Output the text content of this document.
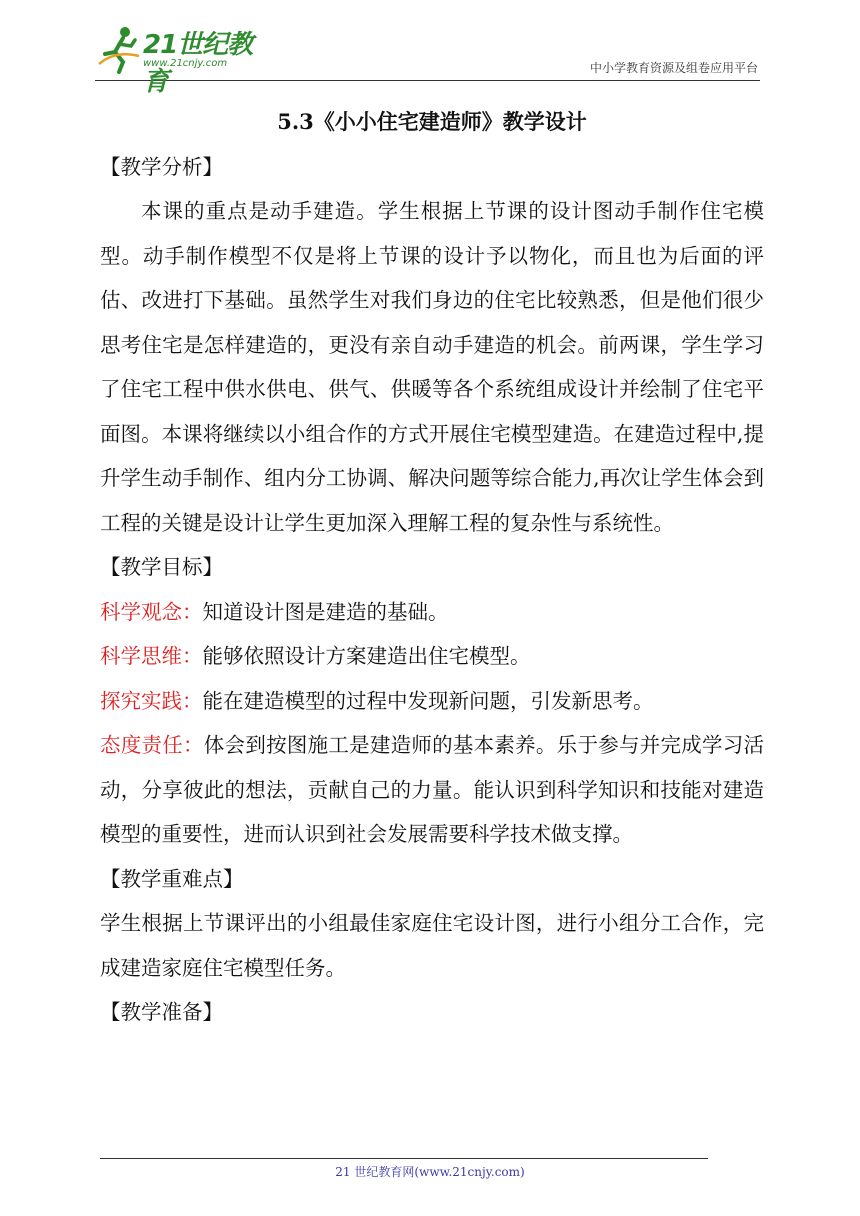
21世纪教育
www.21cnjy.com	中小学教育资源及组卷应用平台
5.3《小小住宅建造师》教学设计

【教学分析】

本课的重点是动手建造。学生根据上节课的设计图动手制作住宅模型。动手制作模型不仅是将上节课的设计予以物化，而且也为后面的评估、改进打下基础。虽然学生对我们身边的住宅比较熟悉，但是他们很少思考住宅是怎样建造的，更没有亲自动手建造的机会。前两课，学生学习了住宅工程中供水供电、供气、供暖等各个系统组成设计并绘制了住宅平面图。本课将继续以小组合作的方式开展住宅模型建造。在建造过程中,提升学生动手制作、组内分工协调、解决问题等综合能力,再次让学生体会到工程的关键是设计让学生更加深入理解工程的复杂性与系统性。

【教学目标】

科学观念：知道设计图是建造的基础。

科学思维：能够依照设计方案建造出住宅模型。

探究实践：能在建造模型的过程中发现新问题，引发新思考。

态度责任：体会到按图施工是建造师的基本素养。乐于参与并完成学习活动，分享彼此的想法，贡献自己的力量。能认识到科学知识和技能对建造模型的重要性，进而认识到社会发展需要科学技术做支撑。

【教学重难点】

学生根据上节课评出的小组最佳家庭住宅设计图，进行小组分工合作，完成建造家庭住宅模型任务。

【教学准备】

21 世纪教育网(www.21cnjy.com)
